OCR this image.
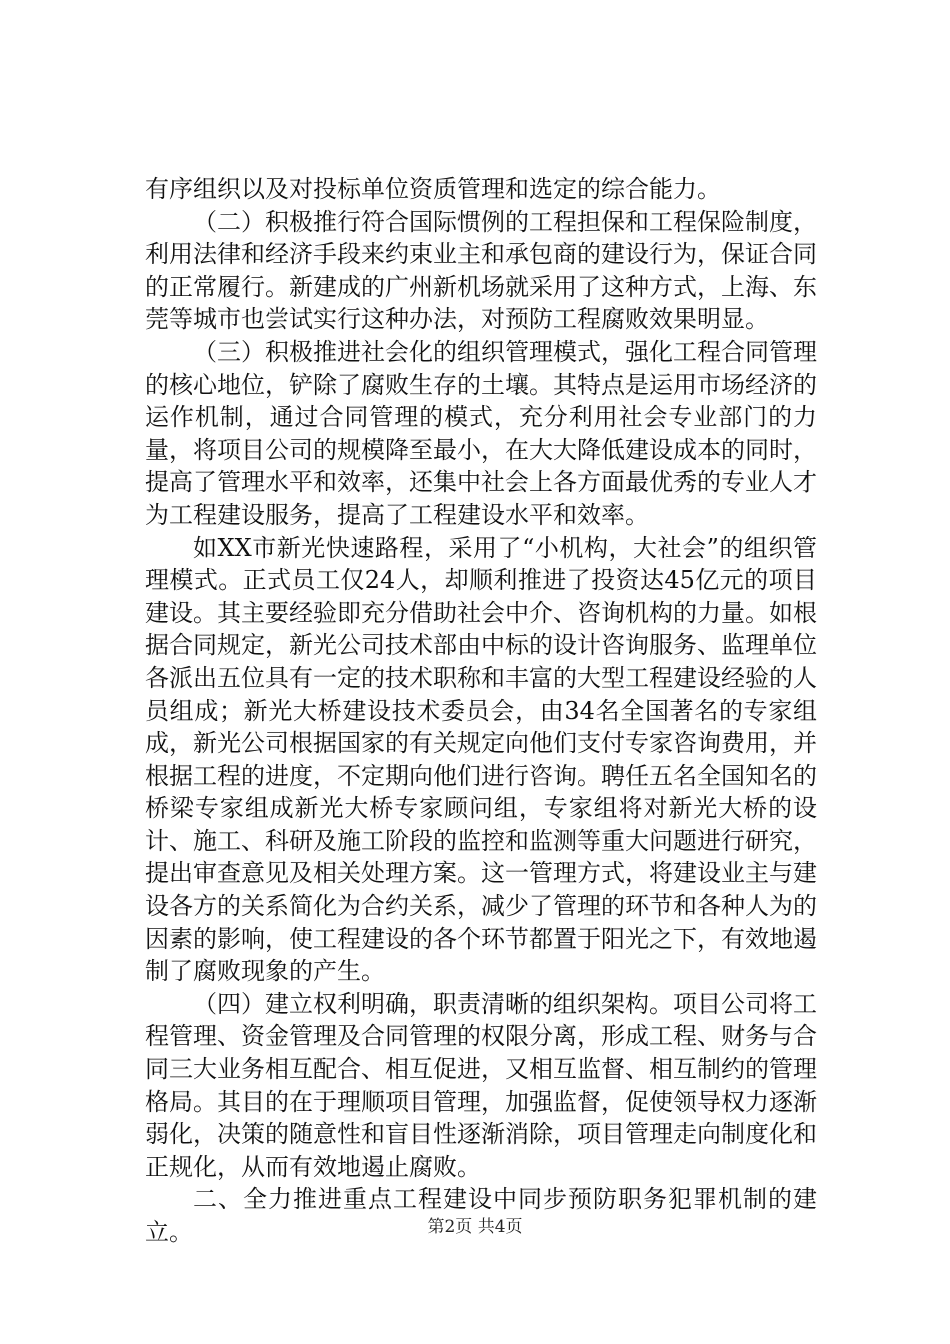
有序组织以及对投标单位资质管理和选定的综合能力。

（二）积极推行符合国际惯例的工程担保和工程保险制度，利用法律和经济手段来约束业主和承包商的建设行为，保证合同的正常履行。新建成的广州新机场就采用了这种方式，上海、东莞等城市也尝试实行这种办法，对预防工程腐败效果明显。

（三）积极推进社会化的组织管理模式，强化工程合同管理的核心地位，铲除了腐败生存的土壤。其特点是运用市场经济的运作机制，通过合同管理的模式，充分利用社会专业部门的力量，将项目公司的规模降至最小，在大大降低建设成本的同时，提高了管理水平和效率，还集中社会上各方面最优秀的专业人才为工程建设服务，提高了工程建设水平和效率。

如XX市新光快速路程，采用了“小机构，大社会”的组织管理模式。正式员工仅24人，却顺利推进了投资达45亿元的项目建设。其主要经验即充分借助社会中介、咨询机构的力量。如根据合同规定，新光公司技术部由中标的设计咨询服务、监理单位各派出五位具有一定的技术职称和丰富的大型工程建设经验的人员组成；新光大桥建设技术委员会，由34名全国著名的专家组成，新光公司根据国家的有关规定向他们支付专家咨询费用，并根据工程的进度，不定期向他们进行咨询。聘任五名全国知名的桥梁专家组成新光大桥专家顾问组，专家组将对新光大桥的设计、施工、科研及施工阶段的监控和监测等重大问题进行研究，提出审查意见及相关处理方案。这一管理方式，将建设业主与建设各方的关系简化为合约关系，减少了管理的环节和各种人为的因素的影响，使工程建设的各个环节都置于阳光之下，有效地遏制了腐败现象的产生。

（四）建立权利明确，职责清晰的组织架构。项目公司将工程管理、资金管理及合同管理的权限分离，形成工程、财务与合同三大业务相互配合、相互促进，又相互监督、相互制约的管理格局。其目的在于理顺项目管理，加强监督，促使领导权力逐渐弱化，决策的随意性和盲目性逐渐消除，项目管理走向制度化和正规化，从而有效地遏止腐败。

二、全力推进重点工程建设中同步预防职务犯罪机制的建立。	第2页 共4页
